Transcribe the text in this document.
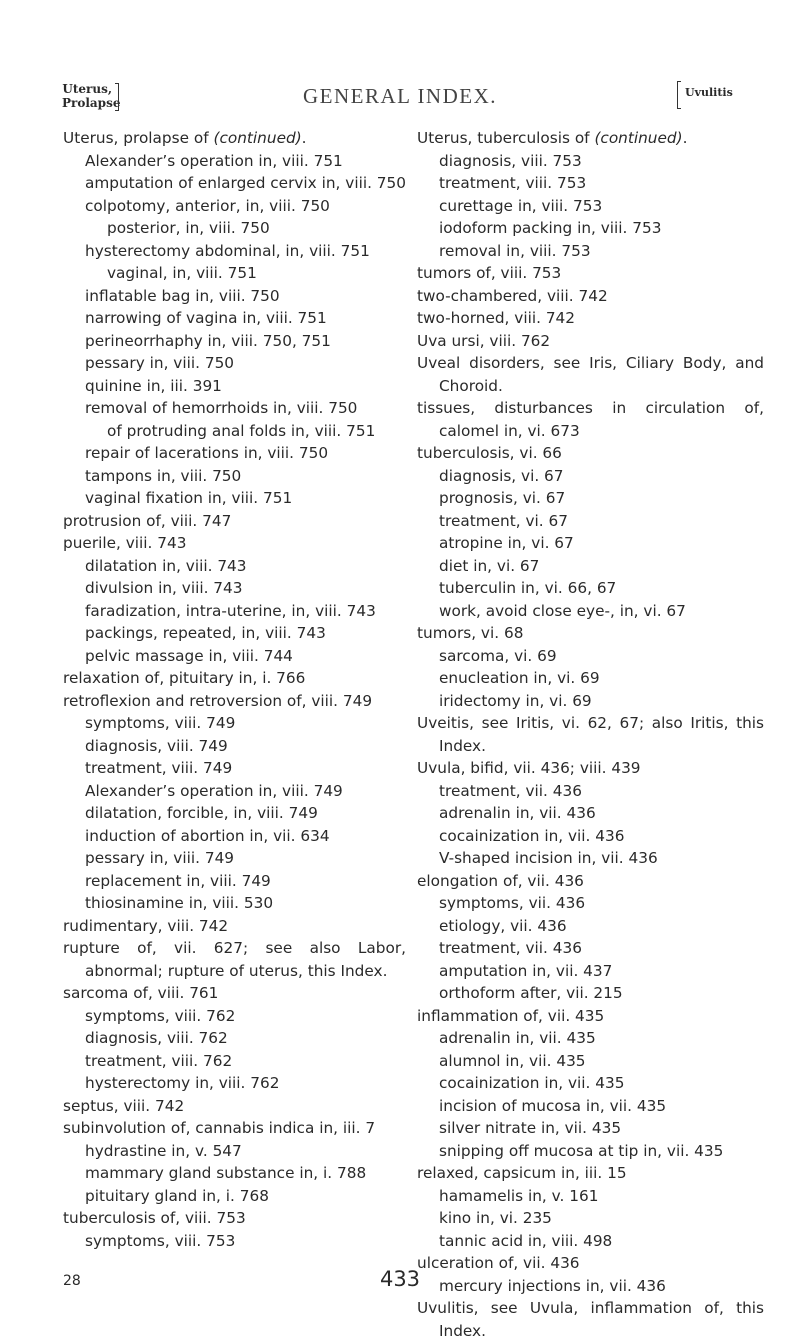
Uterus,
Prolapse	GENERAL INDEX.	Uvulitis
Uterus, prolapse of (continued).
Alexander’s operation in, viii. 751
amputation of enlarged cervix in, viii. 750
colpotomy, anterior, in, viii. 750
posterior, in, viii. 750
hysterectomy abdominal, in, viii. 751
vaginal, in, viii. 751
inflatable bag in, viii. 750
narrowing of vagina in, viii. 751
perineorrhaphy in, viii. 750, 751
pessary in, viii. 750
quinine in, iii. 391
removal of hemorrhoids in, viii. 750
of protruding anal folds in, viii. 751
repair of lacerations in, viii. 750
tampons in, viii. 750
vaginal fixation in, viii. 751
protrusion of, viii. 747
puerile, viii. 743
dilatation in, viii. 743
divulsion in, viii. 743
faradization, intra-uterine, in, viii. 743
packings, repeated, in, viii. 743
pelvic massage in, viii. 744
relaxation of, pituitary in, i. 766
retroflexion and retroversion of, viii. 749
symptoms, viii. 749
diagnosis, viii. 749
treatment, viii. 749
Alexander’s operation in, viii. 749
dilatation, forcible, in, viii. 749
induction of abortion in, vii. 634
pessary in, viii. 749
replacement in, viii. 749
thiosinamine in, viii. 530
rudimentary, viii. 742
rupture of, vii. 627; see also Labor, abnormal; rupture of uterus, this Index.
sarcoma of, viii. 761
symptoms, viii. 762
diagnosis, viii. 762
treatment, viii. 762
hysterectomy in, viii. 762
septus, viii. 742
subinvolution of, cannabis indica in, iii. 7
hydrastine in, v. 547
mammary gland substance in, i. 788
pituitary gland in, i. 768
tuberculosis of, viii. 753
symptoms, viii. 753
Uterus, tuberculosis of (continued).
diagnosis, viii. 753
treatment, viii. 753
curettage in, viii. 753
iodoform packing in, viii. 753
removal in, viii. 753
tumors of, viii. 753
two-chambered, viii. 742
two-horned, viii. 742
Uva ursi, viii. 762
Uveal disorders, see Iris, Ciliary Body, and Choroid.
tissues, disturbances in circulation of, calomel in, vi. 673
tuberculosis, vi. 66
diagnosis, vi. 67
prognosis, vi. 67
treatment, vi. 67
atropine in, vi. 67
diet in, vi. 67
tuberculin in, vi. 66, 67
work, avoid close eye-, in, vi. 67
tumors, vi. 68
sarcoma, vi. 69
enucleation in, vi. 69
iridectomy in, vi. 69
Uveitis, see Iritis, vi. 62, 67; also Iritis, this Index.
Uvula, bifid, vii. 436; viii. 439
treatment, vii. 436
adrenalin in, vii. 436
cocainization in, vii. 436
V-shaped incision in, vii. 436
elongation of, vii. 436
symptoms, vii. 436
etiology, vii. 436
treatment, vii. 436
amputation in, vii. 437
orthoform after, vii. 215
inflammation of, vii. 435
adrenalin in, vii. 435
alumnol in, vii. 435
cocainization in, vii. 435
incision of mucosa in, vii. 435
silver nitrate in, vii. 435
snipping off mucosa at tip in, vii. 435
relaxed, capsicum in, iii. 15
hamamelis in, v. 161
kino in, vi. 235
tannic acid in, viii. 498
ulceration of, vii. 436
mercury injections in, vii. 436
Uvulitis, see Uvula, inflammation of, this Index.
28	433
